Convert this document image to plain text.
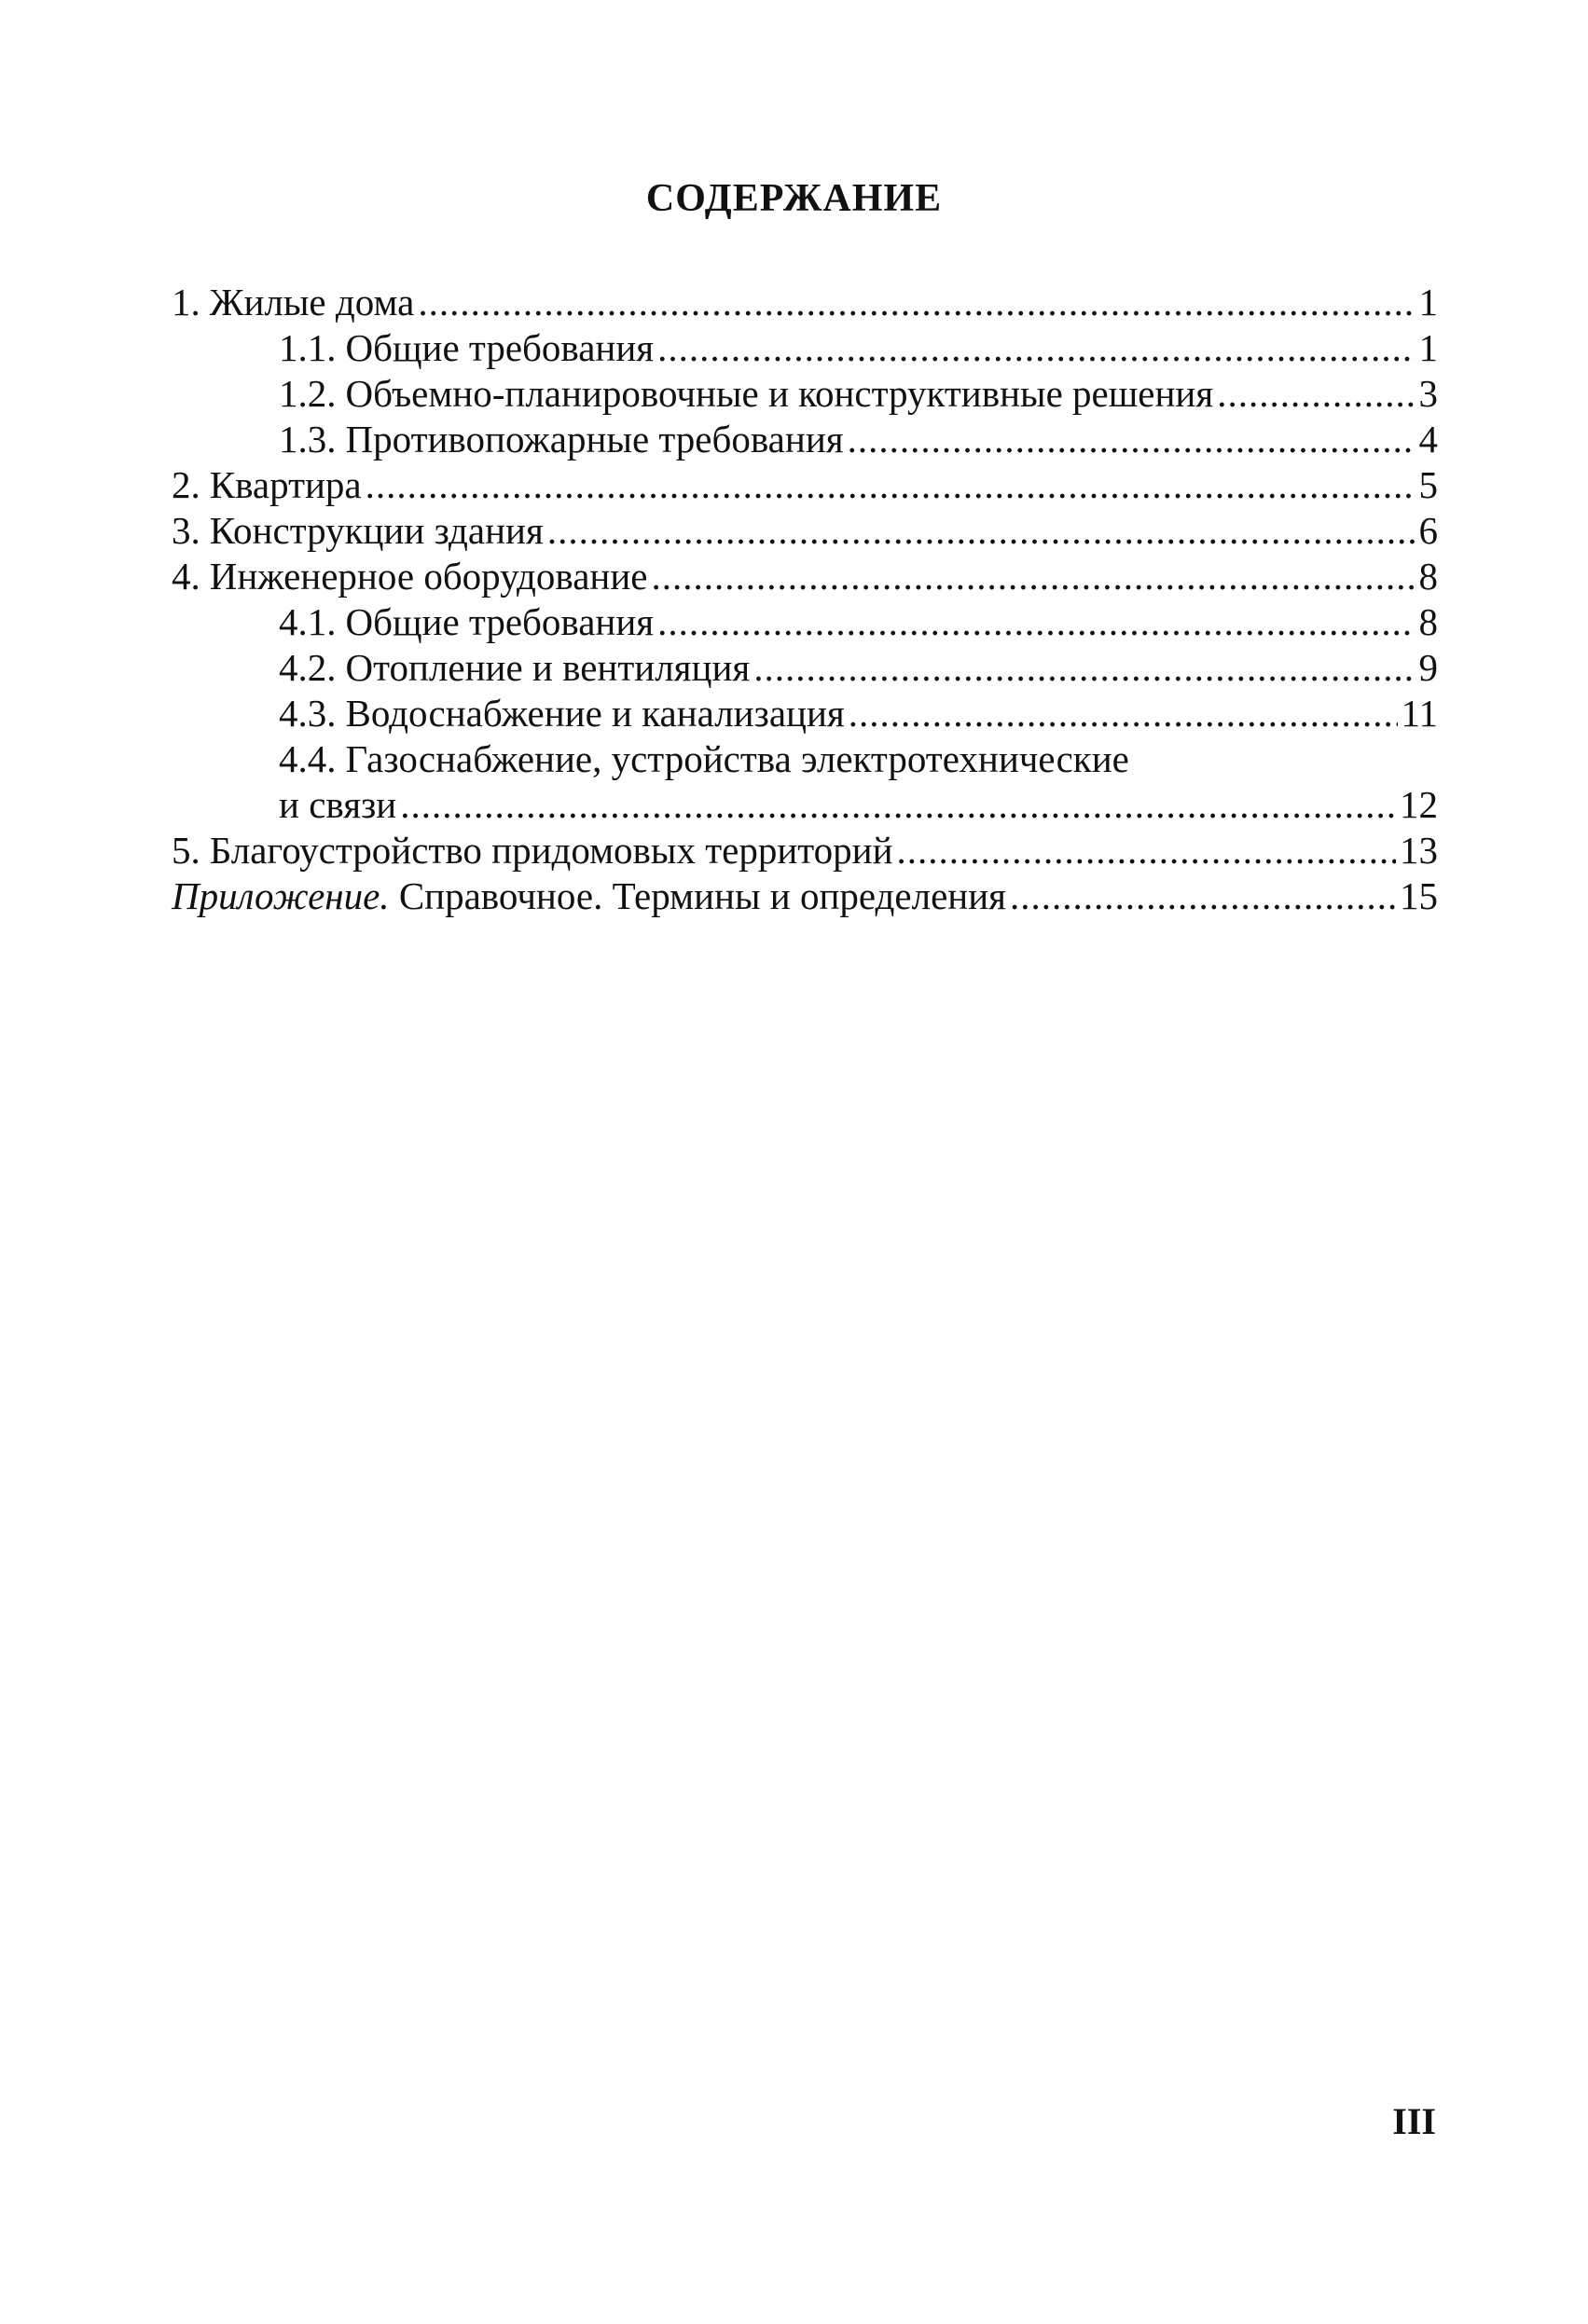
СОДЕРЖАНИЕ
1. Жилые дома .....	1
1.1. Общие требования .....	1
1.2. Объемно-планировочные и конструктивные решения .....	3
1.3. Противопожарные требования .....	4
2. Квартира .....	5
3. Конструкции здания .....	6
4. Инженерное оборудование .....	8
4.1. Общие требования .....	8
4.2. Отопление и вентиляция .....	9
4.3. Водоснабжение и канализация .....	11
4.4. Газоснабжение, устройства электротехнические
и связи .....	12
5. Благоустройство придомовых территорий .....	13
Приложение. Справочное. Термины и определения .....	15
III
